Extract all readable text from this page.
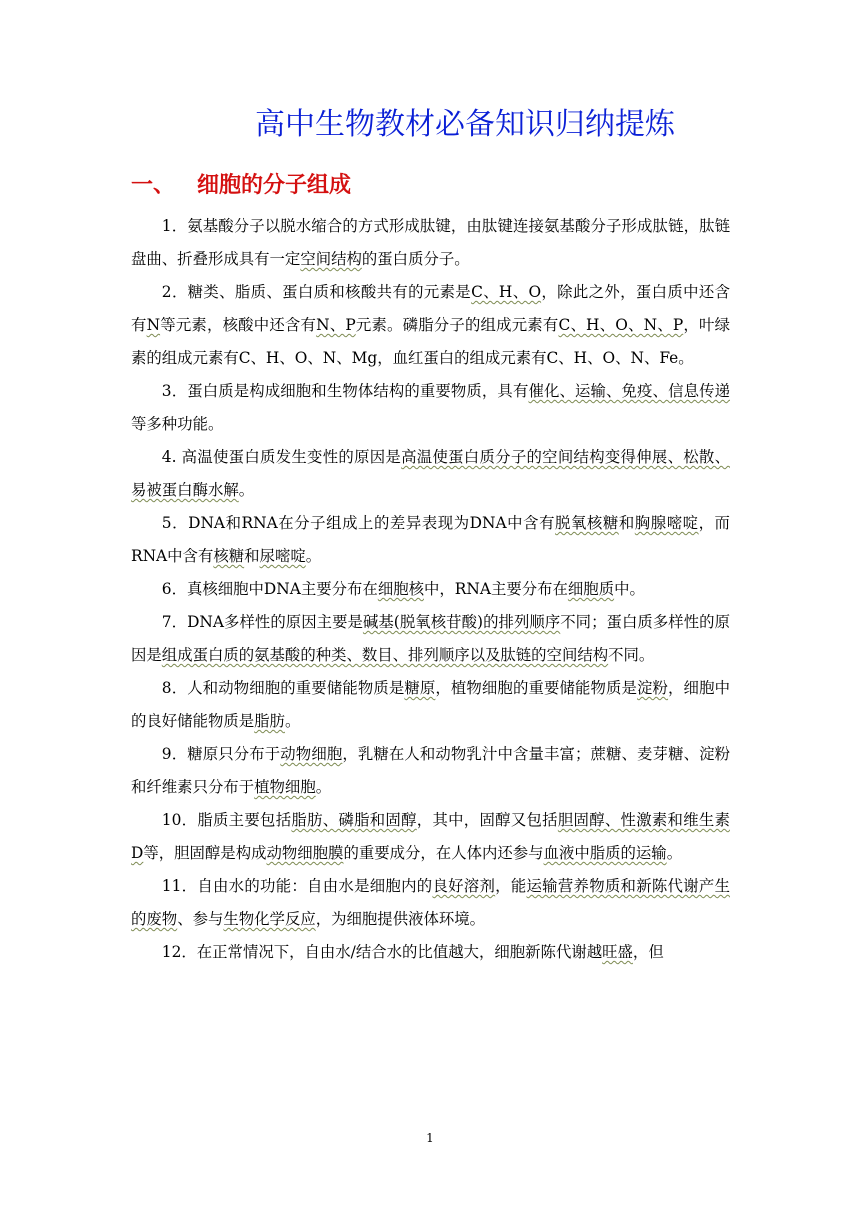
高中生物教材必备知识归纳提炼
一、 细胞的分子组成

1．氨基酸分子以脱水缩合的方式形成肽键，由肽键连接氨基酸分子形成肽链，肽链盘曲、折叠形成具有一定空间结构的蛋白质分子。

2．糖类、脂质、蛋白质和核酸共有的元素是C、H、O，除此之外，蛋白质中还含有N等元素，核酸中还含有N、P元素。磷脂分子的组成元素有C、H、O、N、P，叶绿素的组成元素有C、H、O、N、Mg，血红蛋白的组成元素有C、H、O、N、Fe。

3．蛋白质是构成细胞和生物体结构的重要物质，具有催化、运输、免疫、信息传递等多种功能。

4. 高温使蛋白质发生变性的原因是高温使蛋白质分子的空间结构变得伸展、松散、易被蛋白酶水解。

5．DNA和RNA在分子组成上的差异表现为DNA中含有脱氧核糖和胸腺嘧啶，而RNA中含有核糖和尿嘧啶。

6．真核细胞中DNA主要分布在细胞核中，RNA主要分布在细胞质中。

7．DNA多样性的原因主要是碱基(脱氧核苷酸)的排列顺序不同；蛋白质多样性的原因是组成蛋白质的氨基酸的种类、数目、排列顺序以及肽链的空间结构不同。

8．人和动物细胞的重要储能物质是糖原，植物细胞的重要储能物质是淀粉，细胞中的良好储能物质是脂肪。

9．糖原只分布于动物细胞，乳糖在人和动物乳汁中含量丰富；蔗糖、麦芽糖、淀粉和纤维素只分布于植物细胞。

10．脂质主要包括脂肪、磷脂和固醇，其中，固醇又包括胆固醇、性激素和维生素D等，胆固醇是构成动物细胞膜的重要成分，在人体内还参与血液中脂质的运输。

11．自由水的功能：自由水是细胞内的良好溶剂，能运输营养物质和新陈代谢产生的废物、参与生物化学反应，为细胞提供液体环境。

12．在正常情况下，自由水/结合水的比值越大，细胞新陈代谢越旺盛，但

1
